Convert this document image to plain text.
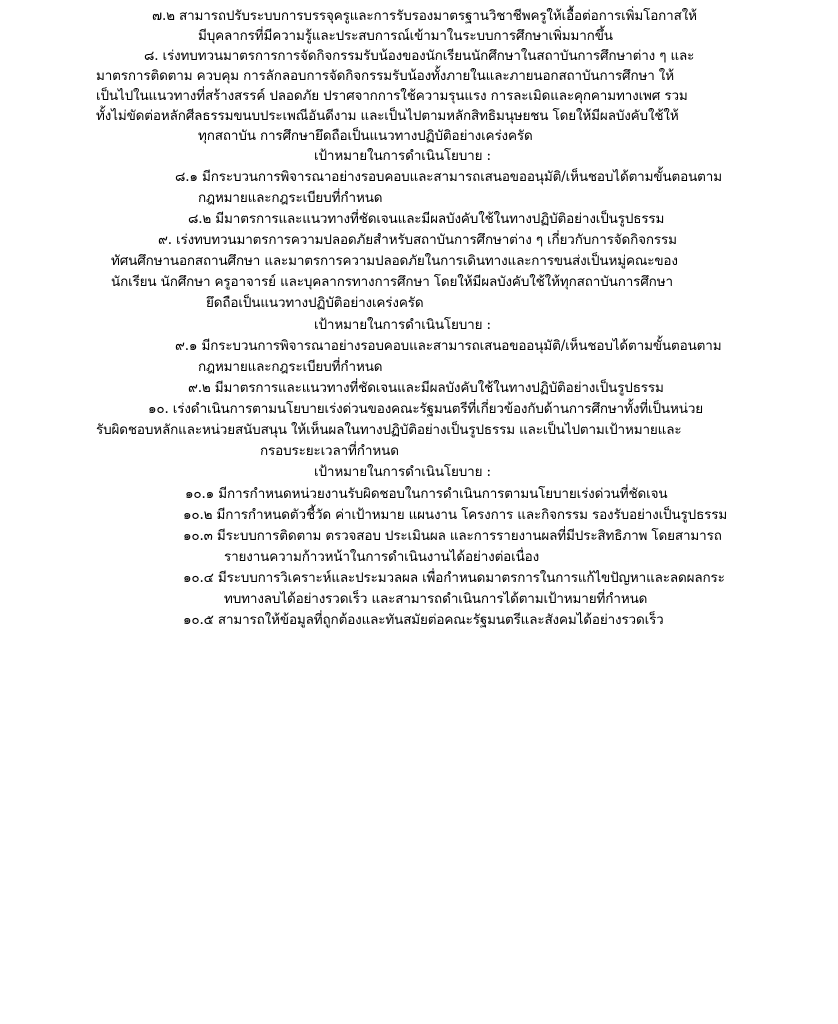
๗.๒ สามารถปรับระบบการบรรจุครูและการรับรองมาตรฐานวิชาชีพครูให้เอื้อต่อการเพิ่มโอกาสให้
มีบุคลากรที่มีความรู้และประสบการณ์เข้ามาในระบบการศึกษาเพิ่มมากขึ้น
๘. เร่งทบทวนมาตรการการจัดกิจกรรมรับน้องของนักเรียนนักศึกษาในสถาบันการศึกษาต่าง ๆ และ
มาตรการติดตาม ควบคุม การลักลอบการจัดกิจกรรมรับน้องทั้งภายในและภายนอกสถาบันการศึกษา ให้
เป็นไปในแนวทางที่สร้างสรรค์ ปลอดภัย ปราศจากการใช้ความรุนแรง การละเมิดและคุกคามทางเพศ รวม
ทั้งไม่ขัดต่อหลักศีลธรรมขนบประเพณีอันดีงาม และเป็นไปตามหลักสิทธิมนุษยชน โดยให้มีผลบังคับใช้ให้
ทุกสถาบัน การศึกษายึดถือเป็นแนวทางปฏิบัติอย่างเคร่งครัด
เป้าหมายในการดำเนินโยบาย :
๘.๑ มีกระบวนการพิจารณาอย่างรอบคอบและสามารถเสนอขออนุมัติ/เห็นชอบได้ตามขั้นตอนตาม
กฎหมายและกฎระเบียบที่กำหนด
๘.๒ มีมาตรการและแนวทางที่ชัดเจนและมีผลบังคับใช้ในทางปฏิบัติอย่างเป็นรูปธรรม
๙. เร่งทบทวนมาตรการความปลอดภัยสำหรับสถาบันการศึกษาต่าง ๆ เกี่ยวกับการจัดกิจกรรม
ทัศนศึกษานอกสถานศึกษา และมาตรการความปลอดภัยในการเดินทางและการขนส่งเป็นหมู่คณะของ
นักเรียน นักศึกษา ครูอาจารย์ และบุคลากรทางการศึกษา โดยให้มีผลบังคับใช้ให้ทุกสถาบันการศึกษา
ยึดถือเป็นแนวทางปฏิบัติอย่างเคร่งครัด
เป้าหมายในการดำเนินโยบาย :
๙.๑ มีกระบวนการพิจารณาอย่างรอบคอบและสามารถเสนอขออนุมัติ/เห็นชอบได้ตามขั้นตอนตาม
กฎหมายและกฎระเบียบที่กำหนด
๙.๒ มีมาตรการและแนวทางที่ชัดเจนและมีผลบังคับใช้ในทางปฏิบัติอย่างเป็นรูปธรรม
๑๐. เร่งดำเนินการตามนโยบายเร่งด่วนของคณะรัฐมนตรีที่เกี่ยวข้องกับด้านการศึกษาทั้งที่เป็นหน่วย
รับผิดชอบหลักและหน่วยสนับสนุน ให้เห็นผลในทางปฏิบัติอย่างเป็นรูปธรรม และเป็นไปตามเป้าหมายและ
กรอบระยะเวลาที่กำหนด
เป้าหมายในการดำเนินโยบาย :
๑๐.๑ มีการกำหนดหน่วยงานรับผิดชอบในการดำเนินการตามนโยบายเร่งด่วนที่ชัดเจน
๑๐.๒ มีการกำหนดตัวชี้วัด ค่าเป้าหมาย แผนงาน โครงการ และกิจกรรม รองรับอย่างเป็นรูปธรรม
๑๐.๓ มีระบบการติดตาม ตรวจสอบ ประเมินผล และการรายงานผลที่มีประสิทธิภาพ โดยสามารถ
รายงานความก้าวหน้าในการดำเนินงานได้อย่างต่อเนื่อง
๑๐.๔ มีระบบการวิเคราะห์และประมวลผล เพื่อกำหนดมาตรการในการแก้ไขปัญหาและลดผลกระ
ทบทางลบได้อย่างรวดเร็ว และสามารถดำเนินการได้ตามเป้าหมายที่กำหนด
๑๐.๕ สามารถให้ข้อมูลที่ถูกต้องและทันสมัยต่อคณะรัฐมนตรีและสังคมได้อย่างรวดเร็ว
